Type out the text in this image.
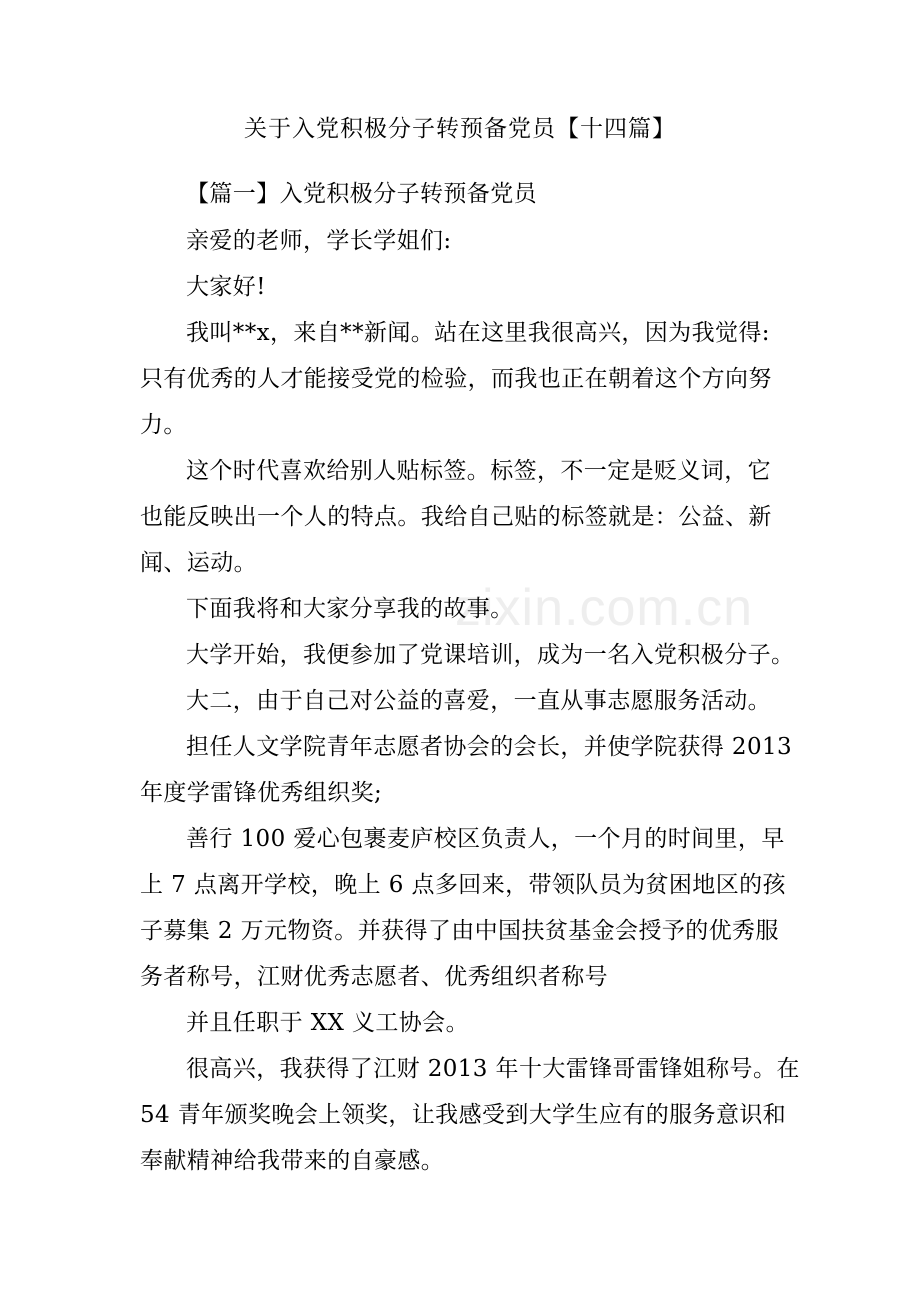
zixin.com.cn
关于入党积极分子转预备党员【十四篇】
【篇一】入党积极分子转预备党员
亲爱的老师，学长学姐们:
大家好!
我叫**x，来自**新闻。站在这里我很高兴，因为我觉得:
只有优秀的人才能接受党的检验，而我也正在朝着这个方向努
力。
这个时代喜欢给别人贴标签。标签，不一定是贬义词，它
也能反映出一个人的特点。我给自己贴的标签就是：公益、新
闻、运动。
下面我将和大家分享我的故事。
大学开始，我便参加了党课培训，成为一名入党积极分子。
大二，由于自己对公益的喜爱，一直从事志愿服务活动。
担任人文学院青年志愿者协会的会长，并使学院获得 2013
年度学雷锋优秀组织奖;
善行 100 爱心包裹麦庐校区负责人，一个月的时间里，早
上 7 点离开学校，晚上 6 点多回来，带领队员为贫困地区的孩
子募集 2 万元物资。并获得了由中国扶贫基金会授予的优秀服
务者称号，江财优秀志愿者、优秀组织者称号
并且任职于 XX 义工协会。
很高兴，我获得了江财 2013 年十大雷锋哥雷锋姐称号。在
54 青年颁奖晚会上领奖，让我感受到大学生应有的服务意识和
奉献精神给我带来的自豪感。
